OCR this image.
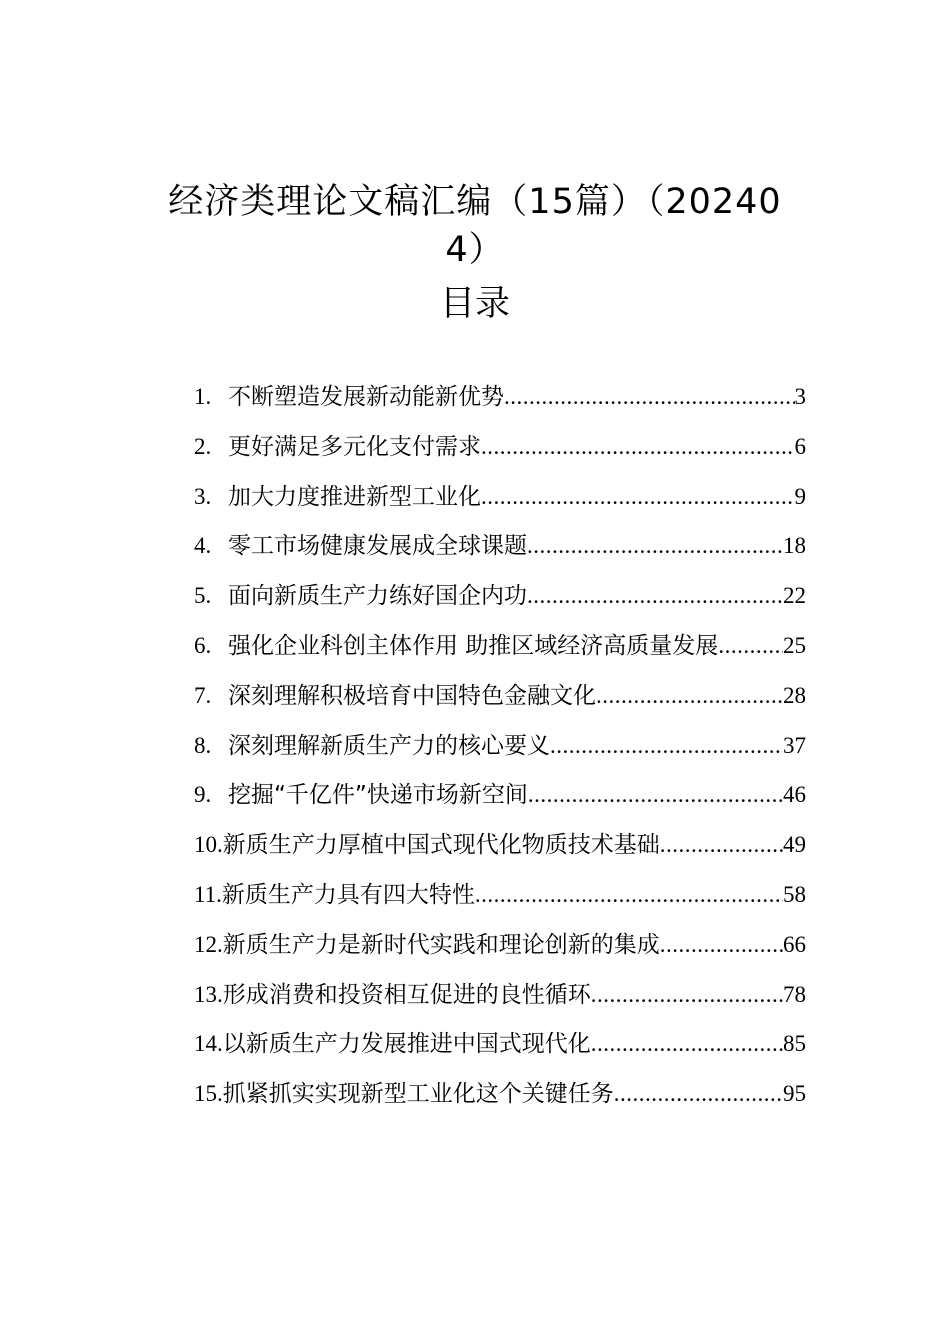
经济类理论文稿汇编（15篇）（20240
4）
目录
1. 不断塑造发展新动能新优势 .....	3
2. 更好满足多元化支付需求 .....	6
3. 加大力度推进新型工业化 .....	9
4. 零工市场健康发展成全球课题 .....	18
5. 面向新质生产力练好国企内功 .....	22
6. 强化企业科创主体作用 助推区域经济高质量发展 .....	25
7. 深刻理解积极培育中国特色金融文化 .....	28
8. 深刻理解新质生产力的核心要义 .....	37
9. 挖掘“千亿件”快递市场新空间 .....	46
10. 新质生产力厚植中国式现代化物质技术基础 .....	49
11. 新质生产力具有四大特性 .....	58
12. 新质生产力是新时代实践和理论创新的集成 .....	66
13. 形成消费和投资相互促进的良性循环 .....	78
14. 以新质生产力发展推进中国式现代化 .....	85
15. 抓紧抓实实现新型工业化这个关键任务 .....	95
